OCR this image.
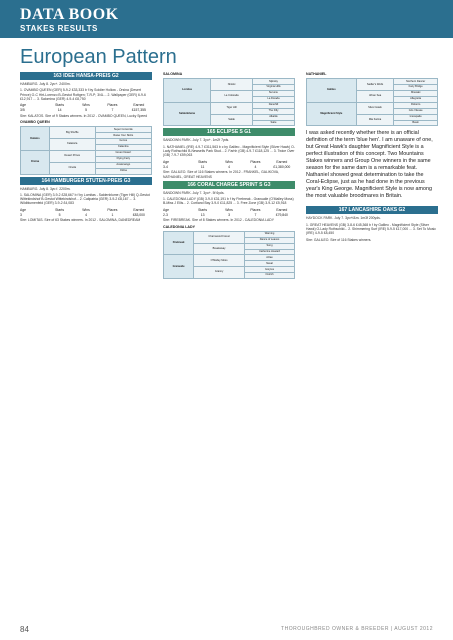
DATA BOOK
STAKES RESULTS
European Pattern
163 IDEE HANSA-PREIS G2
HAMBURG. July 8. 2yo+. 2400m.
1. OVAMBO QUEEN (GER) 5-9-2 £33,333 b f by Soldier Hollow - Orsina (Desert Prince) O-C Hirt-Lorenzo B-Gestut Rottgen; T-R-P; 3/4L... 2. Wallpaper (GER) 6-9-6 £12,917 ... 3. Salomina (GER) 4-9-4 £8,750
Age	Starts	Wins	Places	Earned
3/5	14	5	7	£157,355
Sire: KALATOS. Sire of 9 Stakes winners. In 2012 - OVAMBO QUEEN, Lucky Speed
OVAMBO QUEEN
Kalatos	Big Shuffle	Super Concorde
		Raise Your Skirts
	Kalatoria	Gonne
		Kalamba
Orsina	Desert Prince	Green Desert
		Flying Fairy
	Orsola	Acatenango
		Odina
164 HAMBURGER STUTEN-PREIS G3
HAMBURG. July 8. 3yo f. 2200m.
1. SALOMINA (GER) 3-9-2 £28,667 b f by Lomitas - Saldenblume (Tiger Hill) Q-Gestut Wittekindshof B-Gestut Wittekindshof... 2. Calipatria (GER) 3-9-2 £8,167 ... 3. Wildblumenfeld (GER) 3-9-2 £4,083
Age	Starts	Wins	Places	Earned
3	5	4	1	£83,000
Sire: LOMITAS. Sire of 63 Stakes winners. In 2012 - SALOMINA, DANEDREAM
SALOMINA
Lomitas	Niniski	Nijinsky
		Virginia Hills
	La Colorada	Surumu
		La Dorada
Saldenblume	Tiger Hill	Danehill
		The Filly
	Salde	Alkalde
		Saite
165 ECLIPSE S G1
SANDOWN PARK. July 7. 3yo+. 1m2f 7yds.
1. NATHANIEL (IRE) 4-9-7 £311,563 b c by Galileo - Magnificient Style (Silver Hawk) O-Lady Rothschild B-Newsells Park Stud... 2. Farhh (GB) 4-9-7 £118,125 ... 3. Twice Over (GB) 7-9-7 £59,063
Age	Starts	Wins	Places	Earned
3-4	11	4	4	£1,380,000
Sire: GALILEO. Sire of 116 Stakes winners. In 2012 - FRANKEL, GALIKOVA, NATHANIEL, GREAT HEAVENS
166 CORAL CHARGE SPRINT S G3
SANDOWN PARK. July 7. 3yo+. 5f 6yds.
1. CALEDONIA LADY (GB) 3-9-0 £31,191 b f by Firebreak - Granuaile (O'Malley Moss) B-Miss J Ellis... 2. Cortland Bay 3-9-0 £11,825 ... 3. Free Zone (GB) 3-9-12 £5,918
Age	Starts	Wins	Places	Earned
2-3	13	3	7	£79,840
Sire: FIREBREAK. Sire of 8 Stakes winners. In 2012 - CALEDONIA LADY
CALEDONIA LADY
Firebreak	Charnwood Forest	Warning
		Dance of Leaves
	Breakaway	Song
		Catherine Howard
Granuaile	O'Malley Moss	Alzao
		Naval
	Granny	Gorytus
		Ostrich
NATHANIEL
Galileo	Sadler's Wells	Northern Dancer
		Fairy Bridge
	Urban Sea	Miswaki
		Allegretta
Magnificient Style	Silver Hawk	Roberto
		Gris Vitesse
	Mia Karina	Icecapade
		Basin
I was asked recently whether there is an official definition of the term 'blue hen'. I am unaware of one, but Great Hawk's daughter Magnificient Style is a perfect illustration of this concept. Two Mountains Stakes winners and Group One winners in the same season for the same dam is a remarkable feat. Nathaniel showed great determination to take the Coral-Eclipse, just as he had done in the previous year's King George. Magnificient Style is now among the most valuable broodmares in Britain.
167 LANCASHIRE OAKS G2
HAYDOCK PARK. July 7. 3yo+f&m. 1m3f 200yds.
1. GREAT HEAVENS (GB) 3-8-6 £45,368 b f by Galileo - Magnificient Style (Silver Hawk) O-Lady Rothschild... 2. Shimmering Surf (IRE) 5-9-5 £17,000 ... 3. Set To Music (IRE) 4-9-5 £8,450
Sire: GALILEO. Sire of 116 Stakes winners.
84	THOROUGHBRED OWNER & BREEDER | AUGUST 2012
